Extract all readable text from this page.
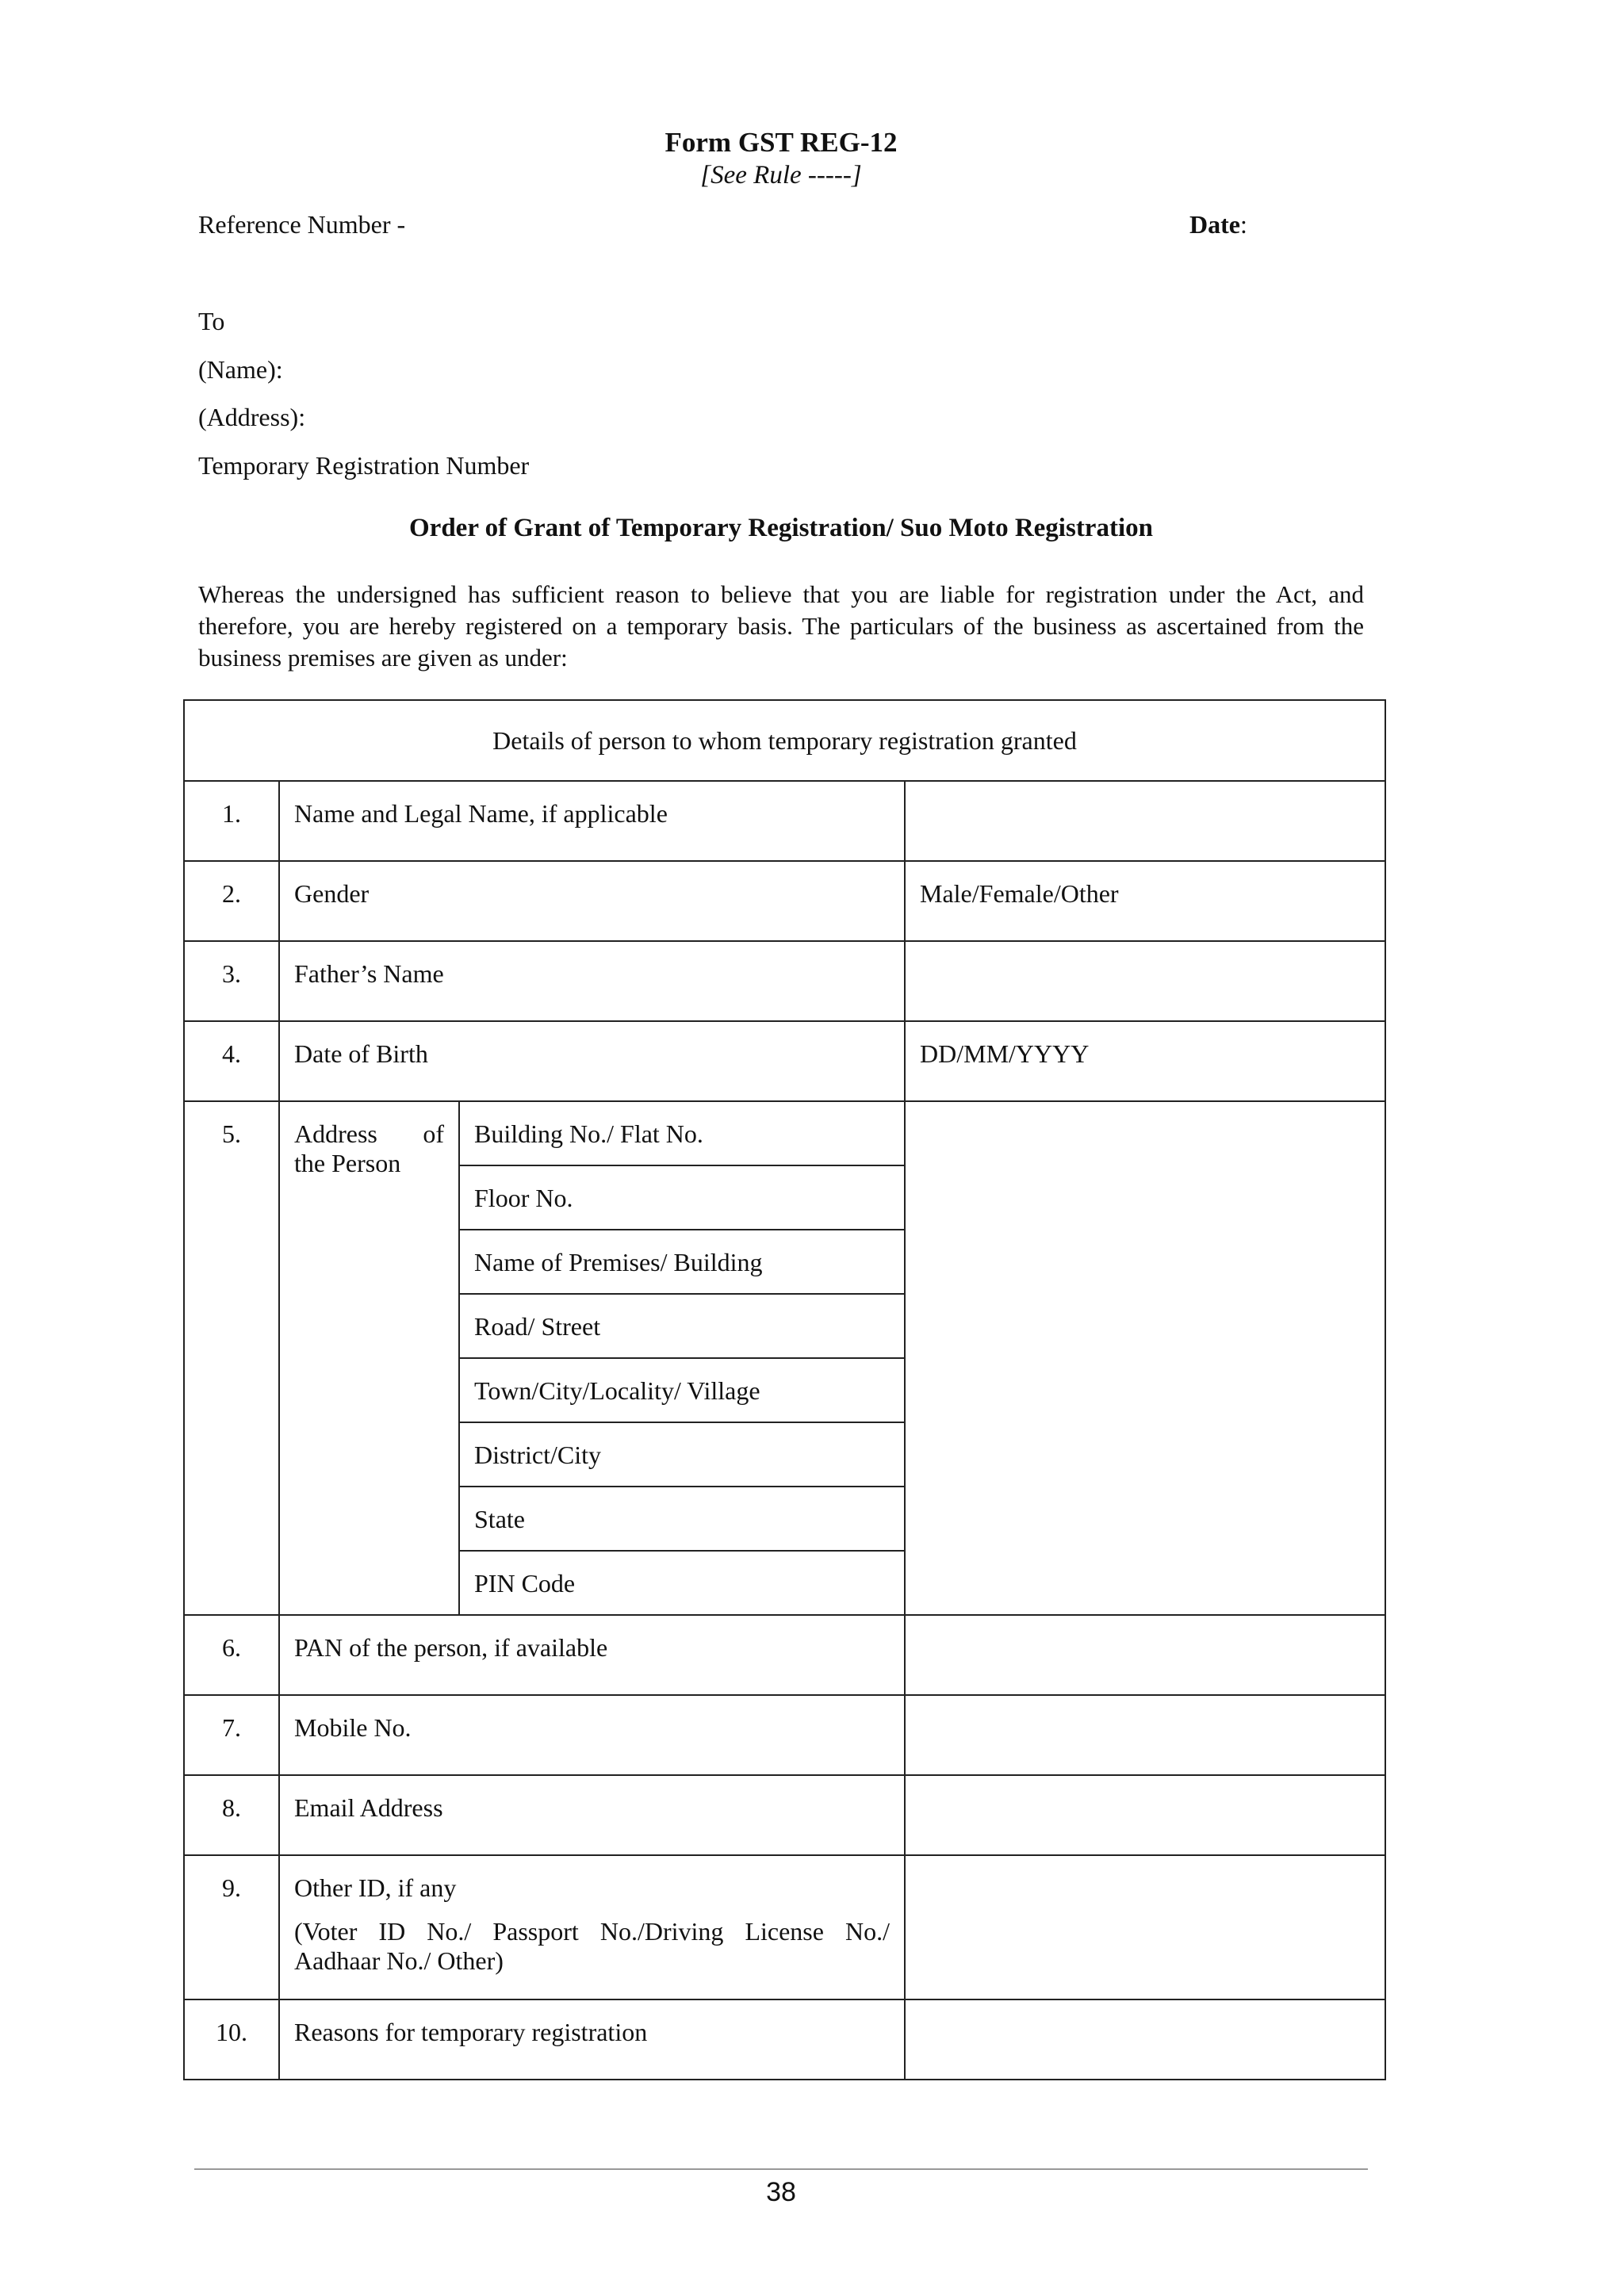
Form GST REG-12
[See Rule -----]
Reference Number -	Date:
To
(Name):
(Address):
Temporary Registration Number
Order of Grant of Temporary Registration/ Suo Moto Registration
Whereas the undersigned has sufficient reason to believe that you are liable for registration under the Act, and therefore, you are hereby registered on a temporary basis. The particulars of the business as ascertained from the business premises are given as under:
Details of person to whom temporary registration granted			
1.	Name and Legal Name, if applicable		
2.	Gender		Male/Female/Other
3.	Father’s Name		
4.	Date of Birth		DD/MM/YYYY
5.	Address of
the Person	Building No./ Flat No.	
		Floor No.	
		Name of Premises/ Building	
		Road/ Street	
		Town/City/Locality/ Village	
		District/City	
		State	
		PIN Code	
6.	PAN of the person, if available		
7.	Mobile No.		
8.	Email Address		
9.	Other ID, if any
(Voter ID No./ Passport No./Driving License No./ Aadhaar No./ Other)		

10.	Reasons for temporary registration		
38
